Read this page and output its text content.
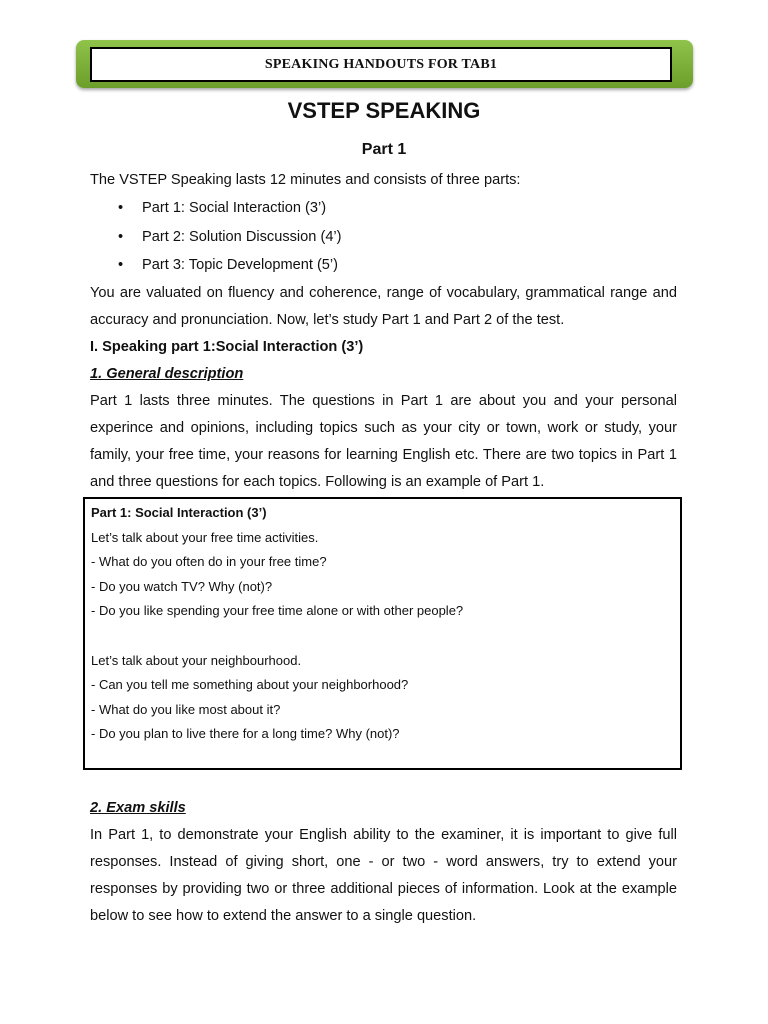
SPEAKING HANDOUTS FOR TAB1
VSTEP SPEAKING
Part 1

The VSTEP Speaking lasts 12 minutes and consists of three parts:

• Part 1: Social Interaction (3’)
• Part 2: Solution Discussion (4’)
• Part 3: Topic Development (5’)

You are valuated on fluency and coherence, range of vocabulary, grammatical range and accuracy and pronunciation. Now, let’s study Part 1 and Part 2 of the test.

I. Speaking part 1:Social Interaction (3’)

1. General description

Part 1 lasts three minutes. The questions in Part 1 are about you and your personal experince and opinions, including topics such as your city or town, work or study, your family, your free time, your reasons for learning English etc. There are two topics in Part 1 and three questions for each topics. Following is an example of Part 1.

Part 1: Social Interaction (3’)
Let’s talk about your free time activities.
- What do you often do in your free time?
- Do you watch TV? Why (not)?
- Do you like spending your free time alone or with other people?
Let’s talk about your neighbourhood.
- Can you tell me something about your neighborhood?
- What do you like most about it?
- Do you plan to live there for a long time? Why (not)?

2. Exam skills

In Part 1, to demonstrate your English ability to the examiner, it is important to give full responses. Instead of giving short, one - or two - word answers, try to extend your responses by providing two or three additional pieces of information. Look at the example below to see how to extend the answer to a single question.
